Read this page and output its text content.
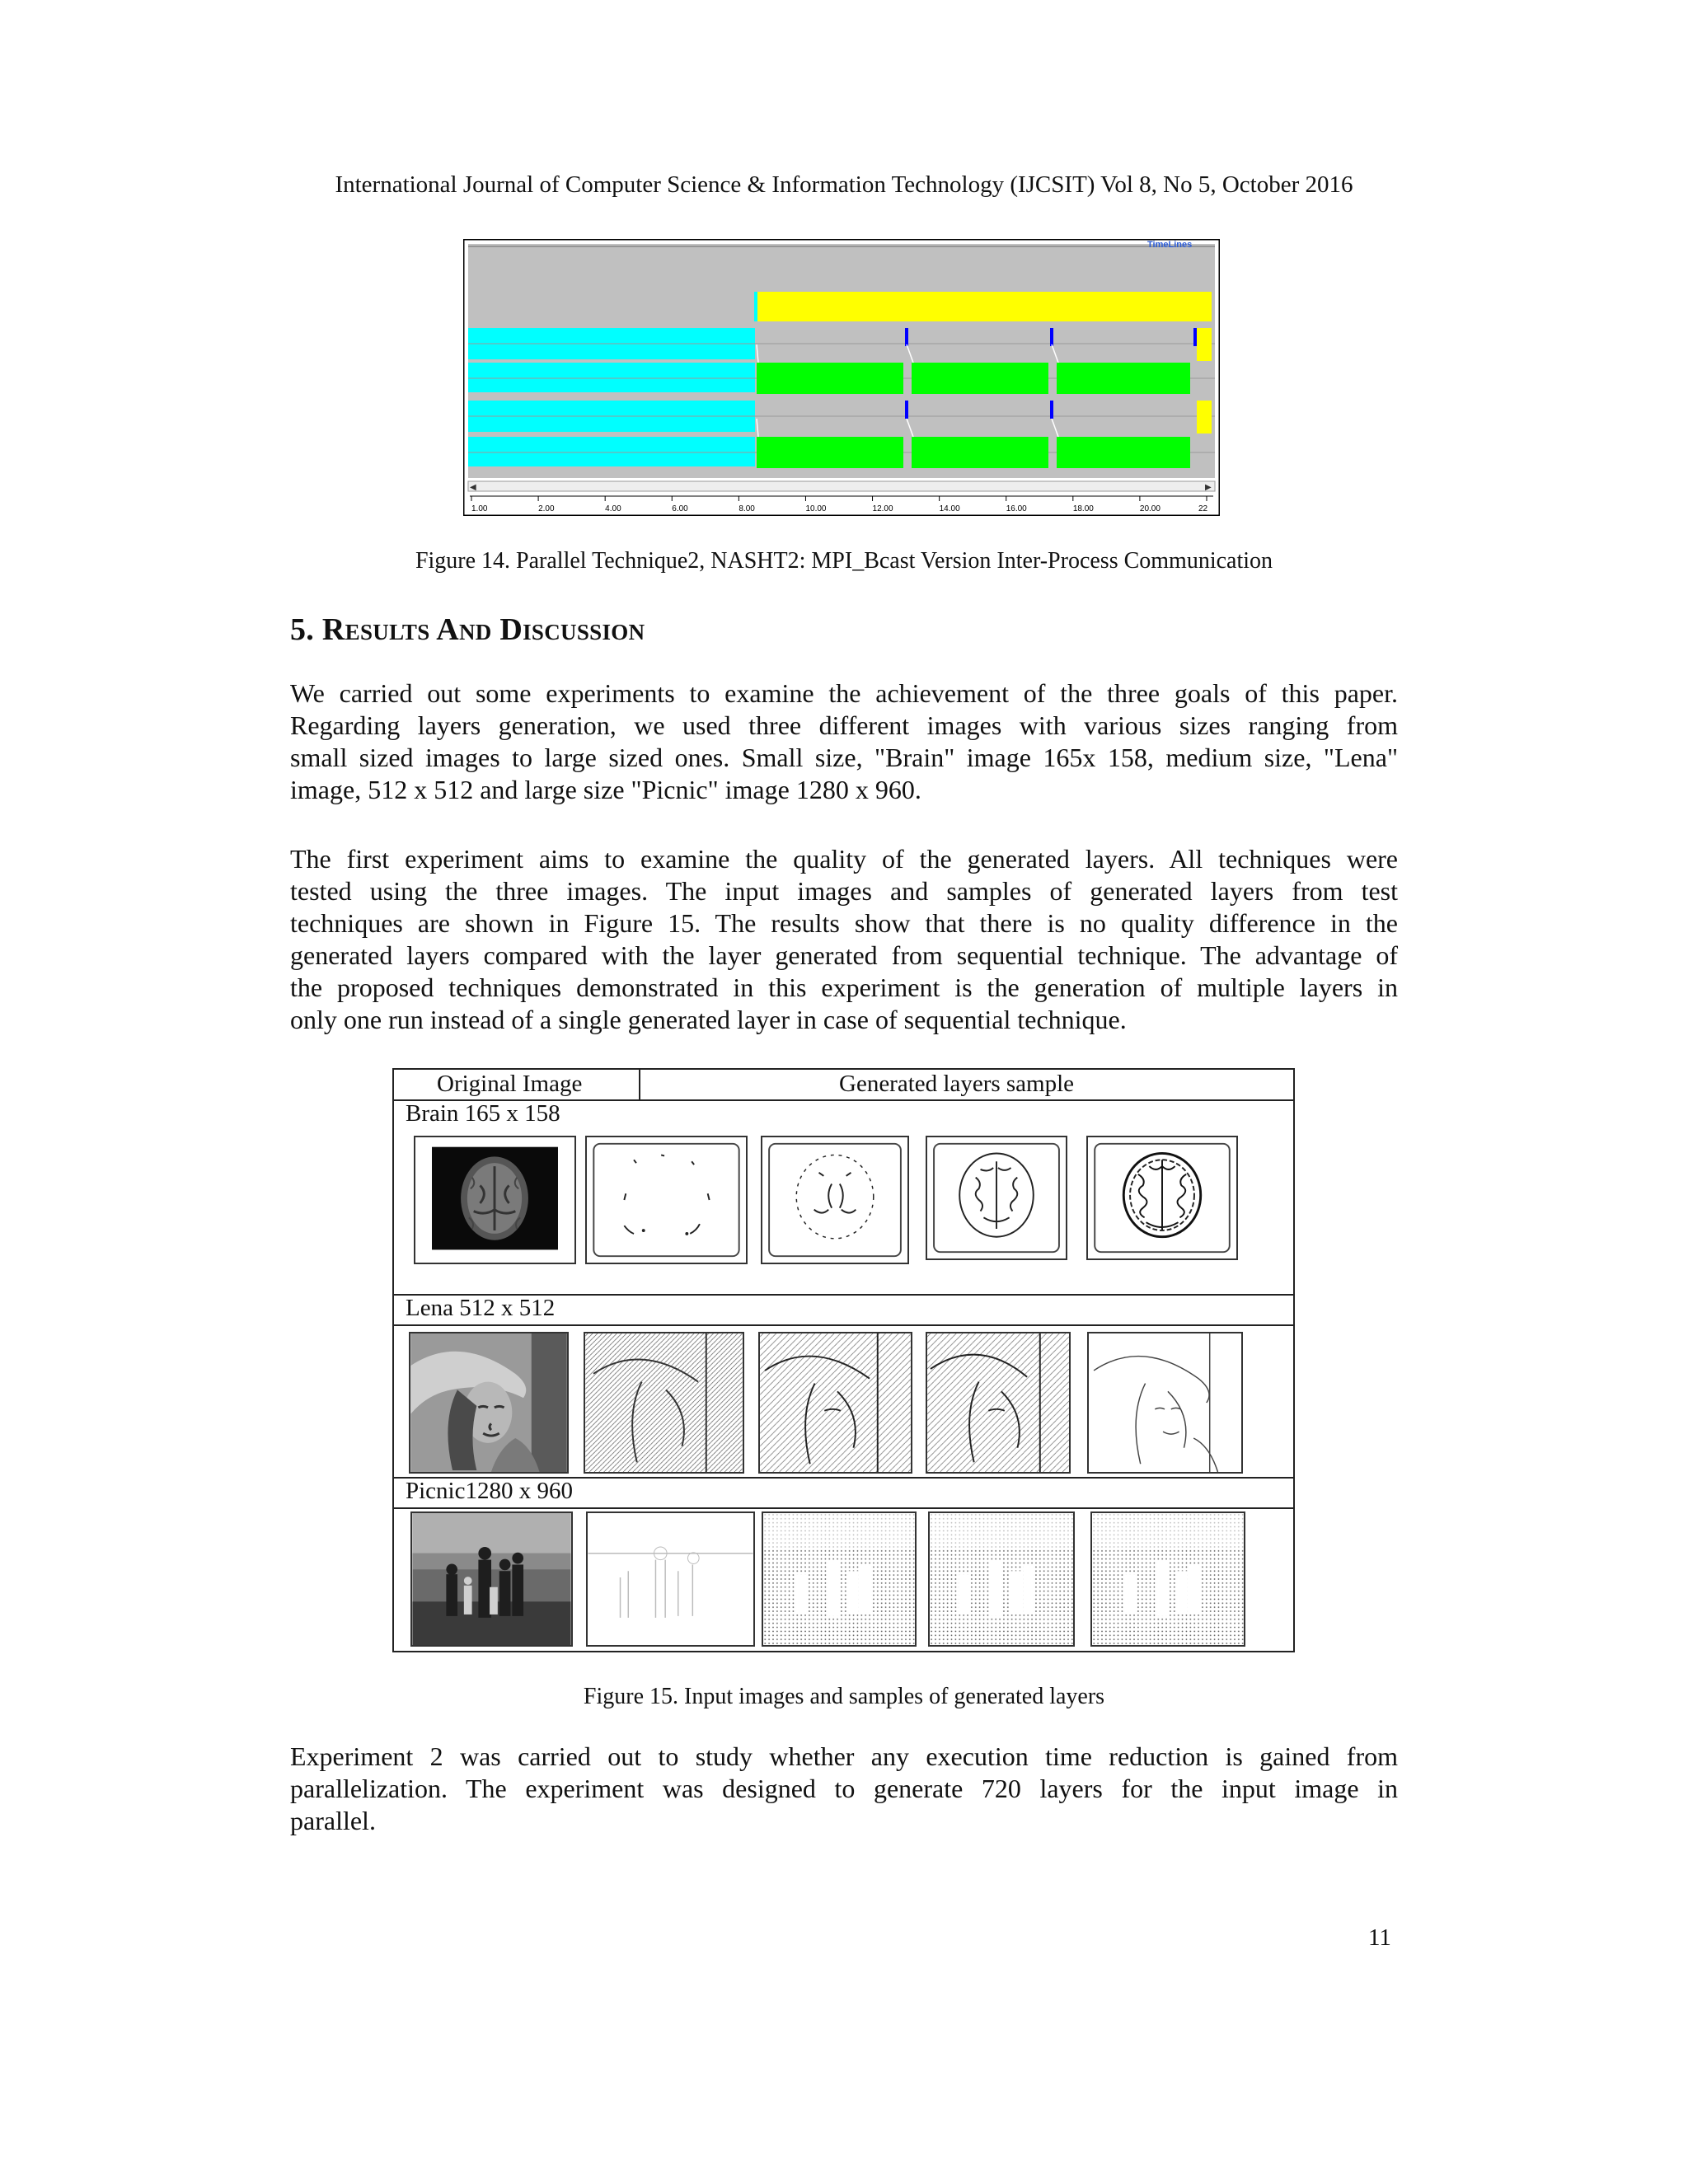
International Journal of Computer Science & Information Technology (IJCSIT) Vol 8, No 5, October 2016
TimeLines
◀	▶
1.00	2.00	4.00	6.00	8.00	10.00	12.00	14.00	16.00	18.00	20.00	22
Figure 14. Parallel Technique2, NASHT2: MPI_Bcast Version Inter-Process Communication
5. Results And Discussion
We carried out some experiments to examine the achievement of the three goals of this paper.
Regarding layers generation, we used three different images with various sizes ranging from
small sized images to large sized ones. Small size, "Brain" image 165x 158, medium size, "Lena"
image, 512 x 512 and large size "Picnic" image 1280 x 960.
The first experiment aims to examine the quality of the generated layers. All techniques were
tested using the three images. The input images and samples of generated layers from test
techniques are shown in Figure 15. The results show that there is no quality difference in the
generated layers compared with the layer generated from sequential technique. The advantage of
the proposed techniques demonstrated in this experiment is the generation of multiple layers in
only one run instead of a single generated layer in case of sequential technique.
Original Image	Generated layers sample
Brain 165 x 158
Lena 512 x 512
Picnic1280 x 960
Figure 15. Input images and samples of generated layers
Experiment 2 was carried out to study whether any execution time reduction is gained from
parallelization. The experiment was designed to generate 720 layers for the input image in
parallel.
11
